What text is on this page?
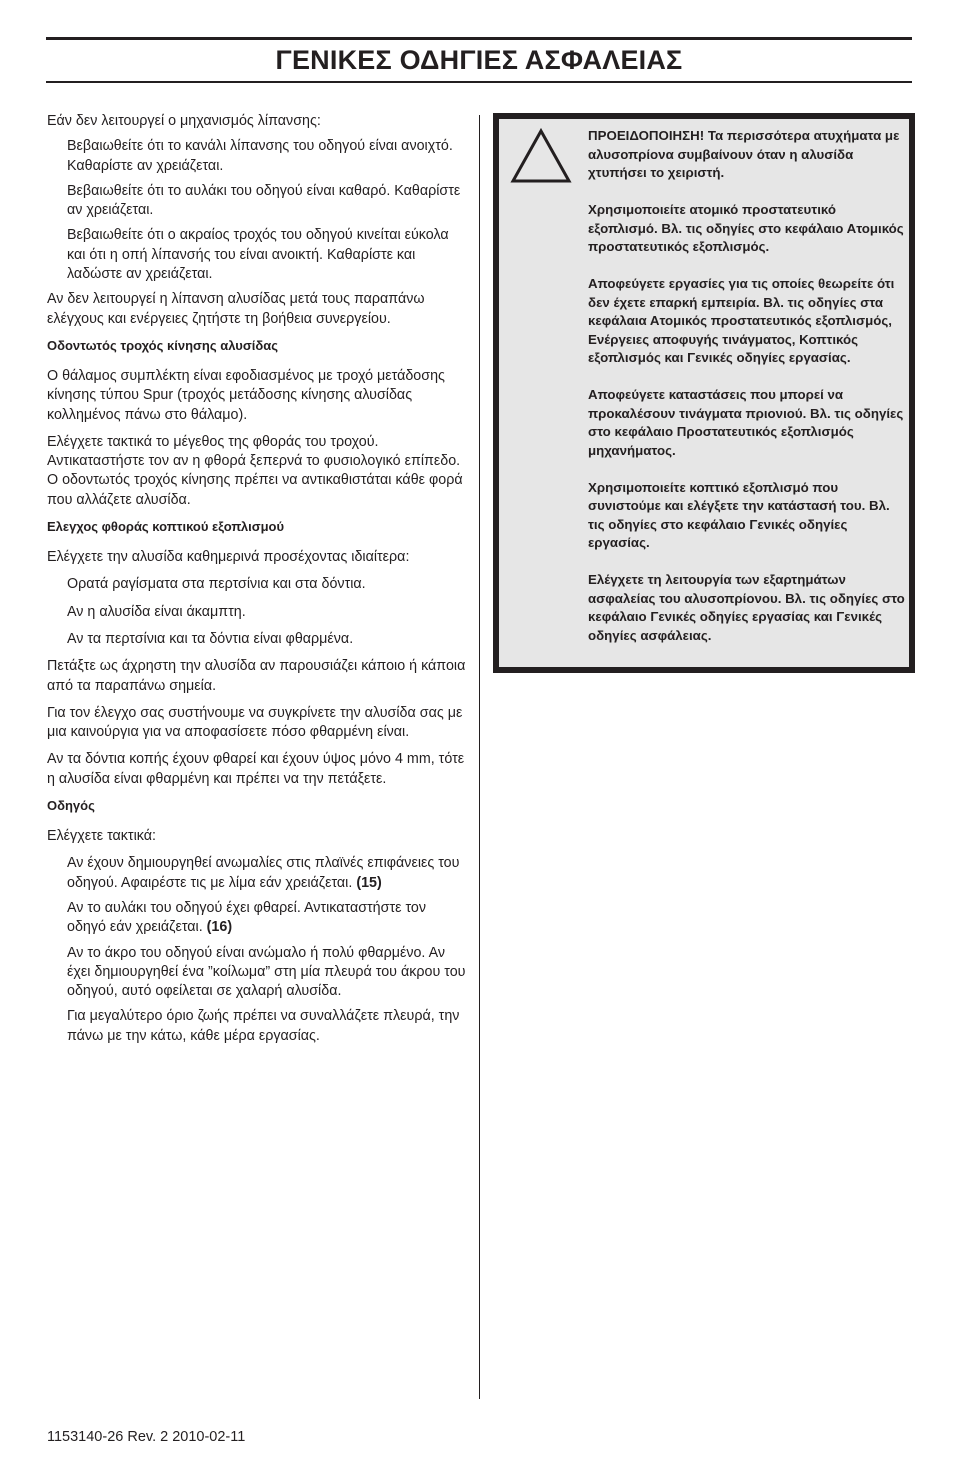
ΓΕΝΙΚΕΣ ΟΔΗΓΙΕΣ ΑΣΦΑΛΕΙΑΣ

Εάν δεν λειτουργεί ο μηχανισμός λίπανσης:

Βεβαιωθείτε ότι το κανάλι λίπανσης του οδηγού είναι ανοιχτό. Καθαρίστε αν χρειάζεται.

Βεβαιωθείτε ότι το αυλάκι του οδηγού είναι καθαρό. Καθαρίστε αν χρειάζεται.

Βεβαιωθείτε ότι ο ακραίος τροχός του οδηγού κινείται εύκολα και ότι η οπή λίπανσής του είναι ανοικτή. Καθαρίστε και λαδώστε αν χρειάζεται.

Αν δεν λειτουργεί η λίπανση αλυσίδας μετά τους παραπάνω ελέγχους και ενέργειες ζητήστε τη βοήθεια συνεργείου.

Οδοντωτός τροχός κίνησης αλυσίδας

Ο θάλαμος συμπλέκτη είναι εφοδιασμένος με τροχό μετάδοσης κίνησης τύπου Spur (τροχός μετάδοσης κίνησης αλυσίδας κολλημένος πάνω στο θάλαμο).

Ελέγχετε τακτικά το μέγεθος της φθοράς του τροχού. Αντικαταστήστε τον αν η φθορά ξεπερνά το φυσιολογικό επίπεδο. Ο οδοντωτός τροχός κίνησης πρέπει να αντικαθιστάται κάθε φορά που αλλάζετε αλυσίδα.

Ελεγχος φθοράς κοπτικού εξοπλισμού

Ελέγχετε την αλυσίδα καθημερινά προσέχοντας ιδιαίτερα:

Ορατά ραγίσματα στα περτσίνια και στα δόντια.

Αν η αλυσίδα είναι άκαμπτη.

Αν τα περτσίνια και τα δόντια είναι φθαρμένα.

Πετάξτε ως άχρηστη την αλυσίδα αν παρουσιάζει κάποιο ή κάποια από τα παραπάνω σημεία.

Για τον έλεγχο σας συστήνουμε να συγκρίνετε την αλυσίδα σας με μια καινούργια για να αποφασίσετε πόσο φθαρμένη είναι.

Αν τα δόντια κοπής έχουν φθαρεί και έχουν ύψος μόνο 4 mm, τότε η αλυσίδα είναι φθαρμένη και πρέπει να την πετάξετε.

Οδηγός

Ελέγχετε τακτικά:

Αν έχουν δημιουργηθεί ανωμαλίες στις πλαϊνές επιφάνειες του οδηγού. Αφαιρέστε τις με λίμα εάν χρειάζεται. (15)

Αν το αυλάκι του οδηγού έχει φθαρεί. Αντικαταστήστε τον οδηγό εάν χρειάζεται. (16)

Αν το άκρο του οδηγού είναι ανώμαλο ή πολύ φθαρμένο. Αν έχει δημιουργηθεί ένα ”κοίλωμα” στη μία πλευρά του άκρου του οδηγού, αυτό οφείλεται σε χαλαρή αλυσίδα.

Για μεγαλύτερο όριο ζωής πρέπει να συναλλάζετε πλευρά, την πάνω με την κάτω, κάθε μέρα εργασίας.

ΠΡΟΕΙΔΟΠΟΙΗΣΗ! Τα περισσότερα ατυχήματα με αλυσοπρίονα συμβαίνουν όταν η αλυσίδα χτυπήσει το χειριστή.

Χρησιμοποιείτε ατομικό προστατευτικό εξοπλισμό. Βλ. τις οδηγίες στο κεφάλαιο Ατομικός προστατευτικός εξοπλισμός.

Αποφεύγετε εργασίες για τις οποίες θεωρείτε ότι δεν έχετε επαρκή εμπειρία. Βλ. τις οδηγίες στα κεφάλαια Ατομικός προστατευτικός εξοπλισμός, Ενέργειες αποφυγής τινάγματος, Κοπτικός εξοπλισμός και Γενικές οδηγίες εργασίας.

Αποφεύγετε καταστάσεις που μπορεί να προκαλέσουν τινάγματα πριονιού. Βλ. τις οδηγίες στο κεφάλαιο Προστατευτικός εξοπλισμός μηχανήματος.

Χρησιμοποιείτε κοπτικό εξοπλισμό που συνιστούμε και ελέγξετε την κατάστασή του. Βλ. τις οδηγίες στο κεφάλαιο Γενικές οδηγίες εργασίας.

Ελέγχετε τη λειτουργία των εξαρτημάτων ασφαλείας του αλυσοπρίονου. Βλ. τις οδηγίες στο κεφάλαιο Γενικές οδηγίες εργασίας και Γενικές οδηγίες ασφάλειας.

1153140-26 Rev. 2 2010-02-11
